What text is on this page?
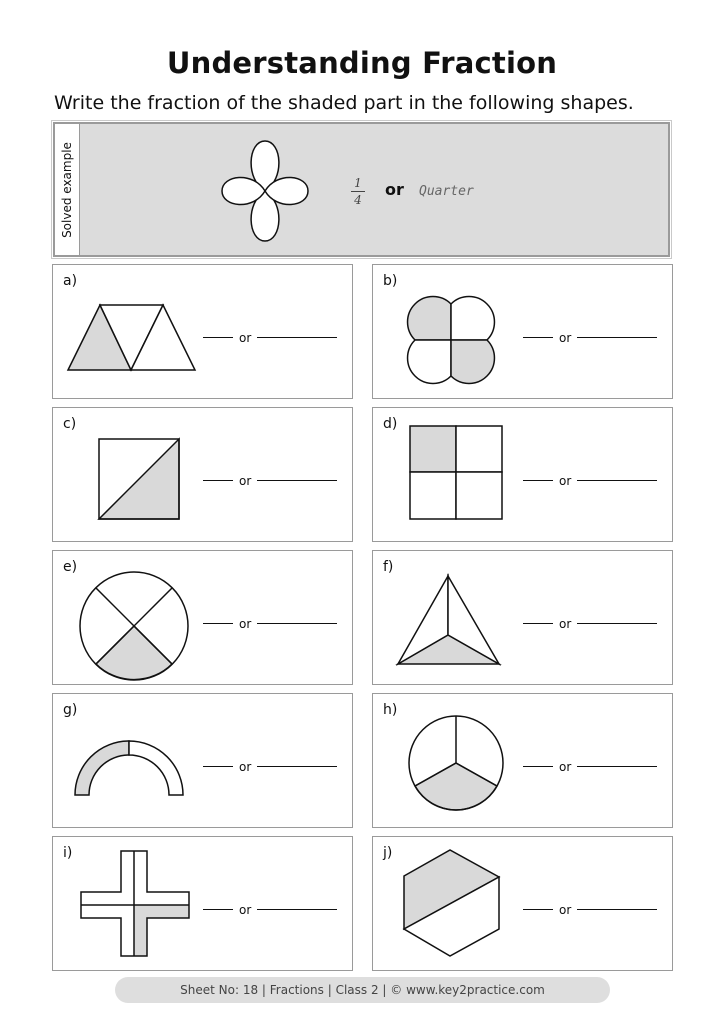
Understanding Fraction
Write the fraction of the shaded part in the following shapes.
Solved example	1
4
or Quarter
a)
or
b)
or
c)
or
d)
or
e)
or
f)
or
g)
or
h)
or
i)
or
j)
or
Sheet No: 18 | Fractions | Class 2 | © www.key2practice.com
